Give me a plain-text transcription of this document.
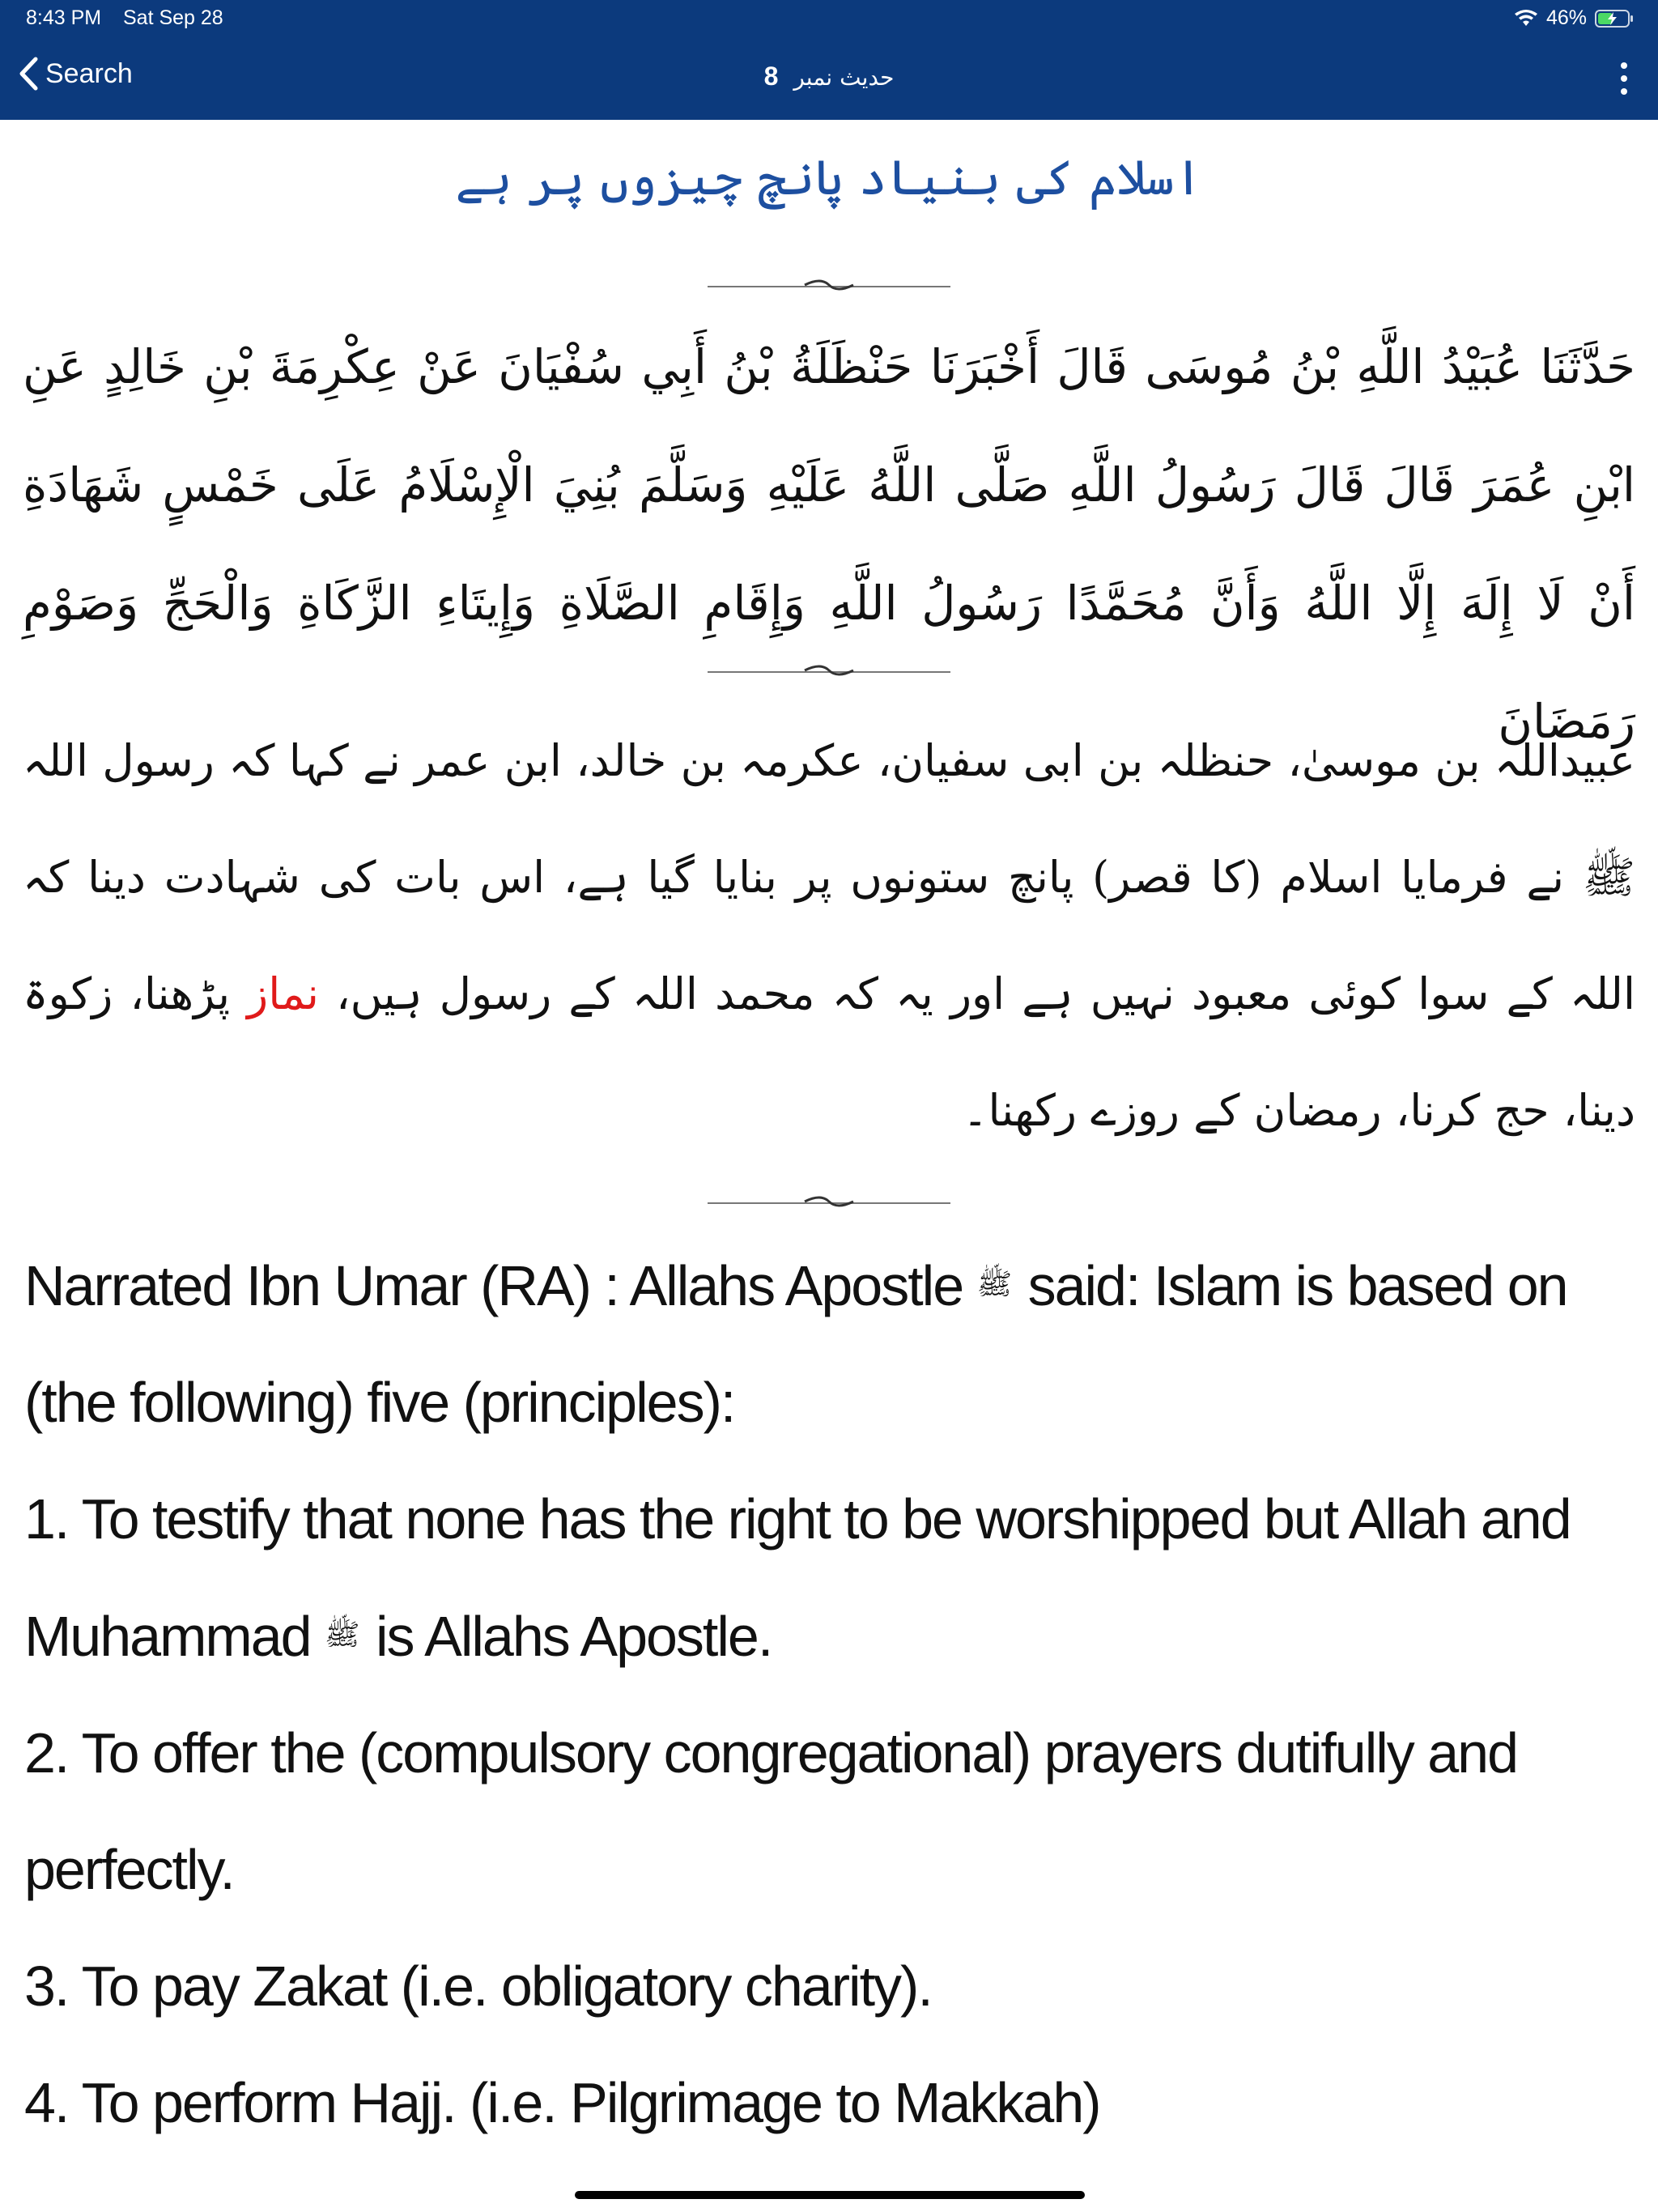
8:43 PM Sat Sep 28	46%
Search	8 حدیث نمبر
اسلام کی بنیاد پانچ چیزوں پر ہے
حَدَّثَنَا عُبَيْدُ اللَّهِ بْنُ مُوسَى قَالَ أَخْبَرَنَا حَنْظَلَةُ بْنُ أَبِي سُفْيَانَ عَنْ عِكْرِمَةَ بْنِ خَالِدٍ عَنِ ابْنِ عُمَرَ قَالَ قَالَ رَسُولُ اللَّهِ صَلَّى اللَّهُ عَلَيْهِ وَسَلَّمَ بُنِيَ الْإِسْلَامُ عَلَى خَمْسٍ شَهَادَةِ أَنْ لَا إِلَهَ إِلَّا اللَّهُ وَأَنَّ مُحَمَّدًا رَسُولُ اللَّهِ وَإِقَامِ الصَّلَاةِ وَإِيتَاءِ الزَّكَاةِ وَالْحَجِّ وَصَوْمِ رَمَضَانَ
عبیداللہ بن موسیٰ، حنظلہ بن ابی سفیان، عکرمہ بن خالد، ابن عمر نے کہا کہ رسول اللہ ﷺ نے فرمایا اسلام (کا قصر) پانچ ستونوں پر بنایا گیا ہے، اس بات کی شہادت دینا کہ اللہ کے سوا کوئی معبود نہیں ہے اور یہ کہ محمد اللہ کے رسول ہیں، نماز پڑھنا، زکوۃ دینا، حج کرنا، رمضان کے روزے رکھنا۔

Narrated Ibn Umar (RA) : Allahs Apostle $^ﷺ$ said: Islam is based on (the following) five (principles):

1. To testify that none has the right to be worshipped but Allah and Muhammad $^ﷺ$ is Allahs Apostle.

2. To offer the (compulsory congregational) prayers dutifully and perfectly.

3. To pay Zakat (i.e. obligatory charity).

4. To perform Hajj. (i.e. Pilgrimage to Makkah)
